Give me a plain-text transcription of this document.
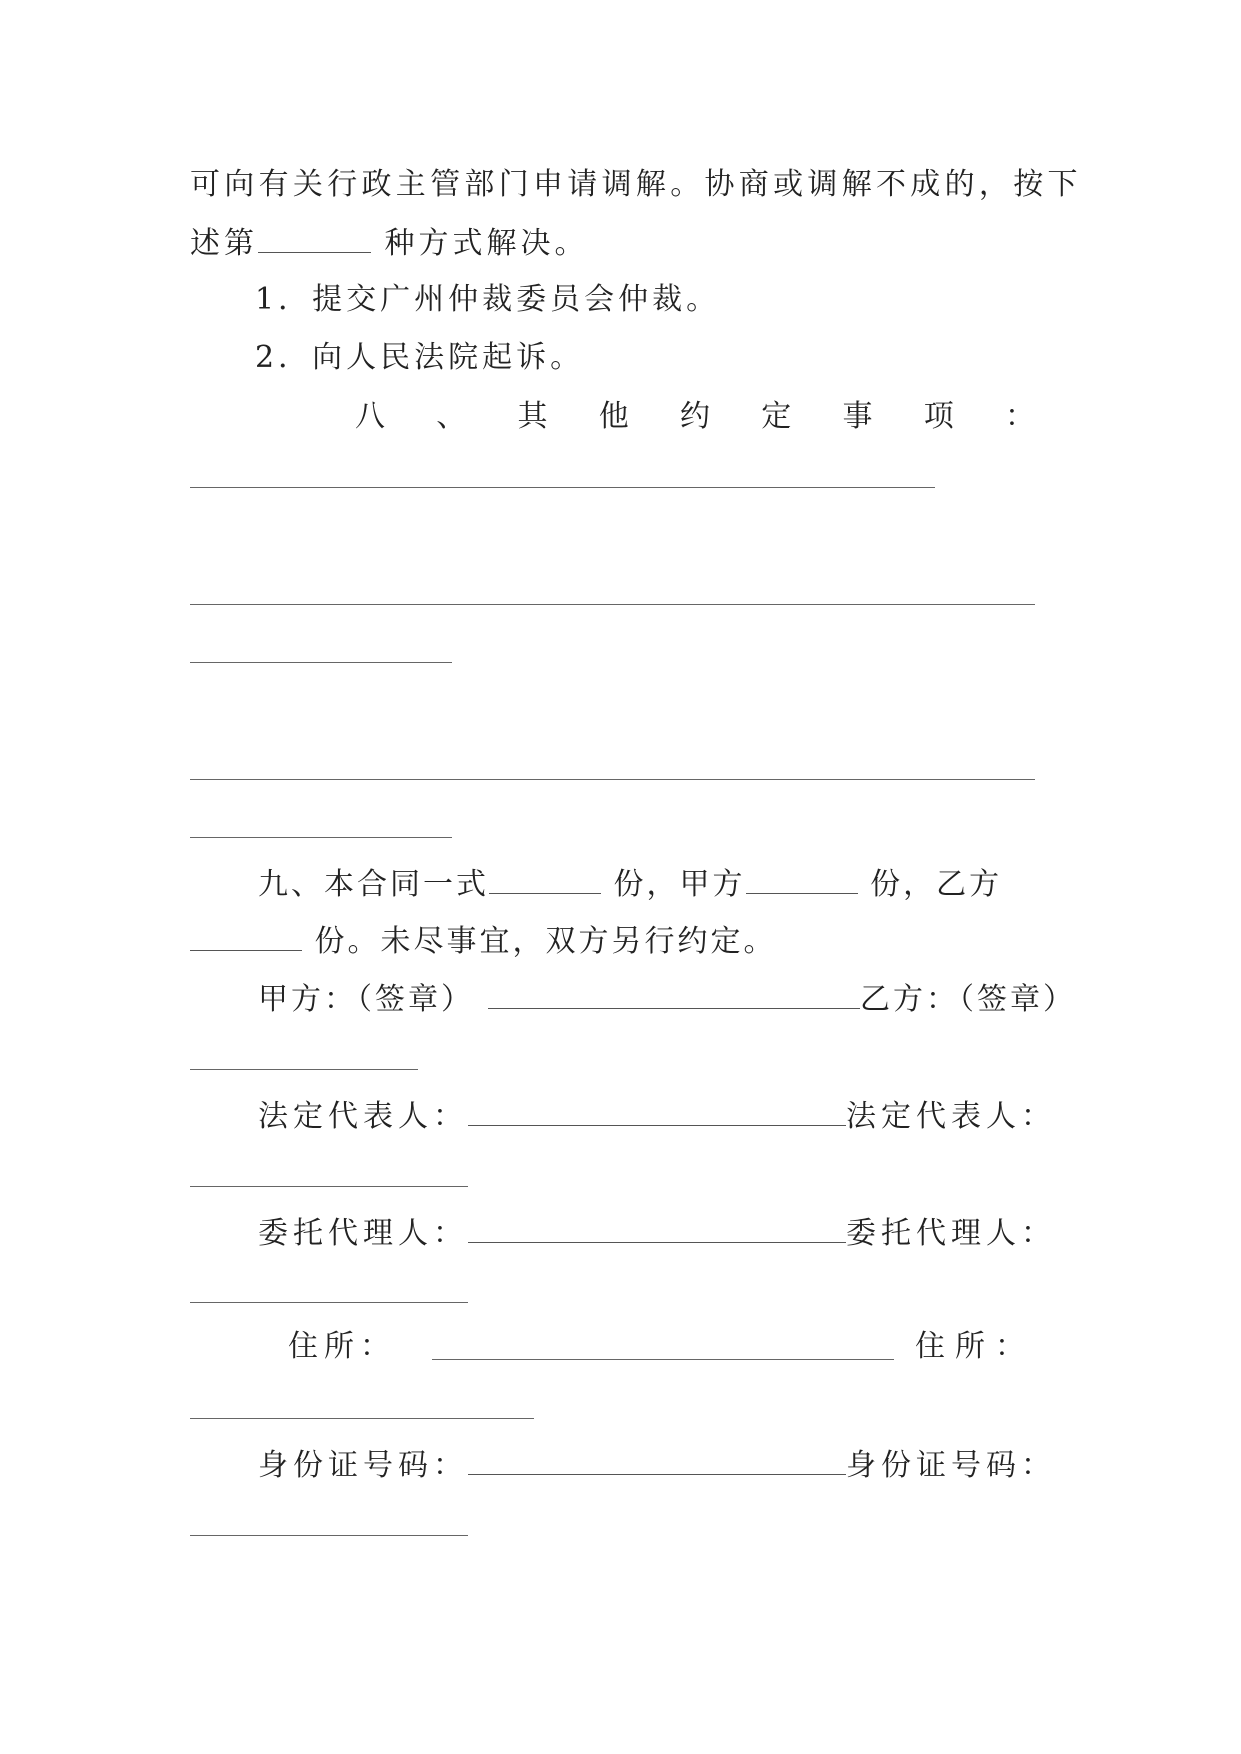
可向有关行政主管部门申请调解。协商或调解不成的，按下

述第	种方式解决。

1．提交广州仲裁委员会仲裁。

2．向人民法院起诉。

八 、 其 他 约 定 事 项 ：

九、本合同一式	份，甲方	份，乙方

份。未尽事宜，双方另行约定。

甲方：（签章）	乙方：（签章）

法定代表人：	法定代表人：

委托代理人：	委托代理人：

住 所 ：	住 所 ：

身份证号码：	身份证号码：
